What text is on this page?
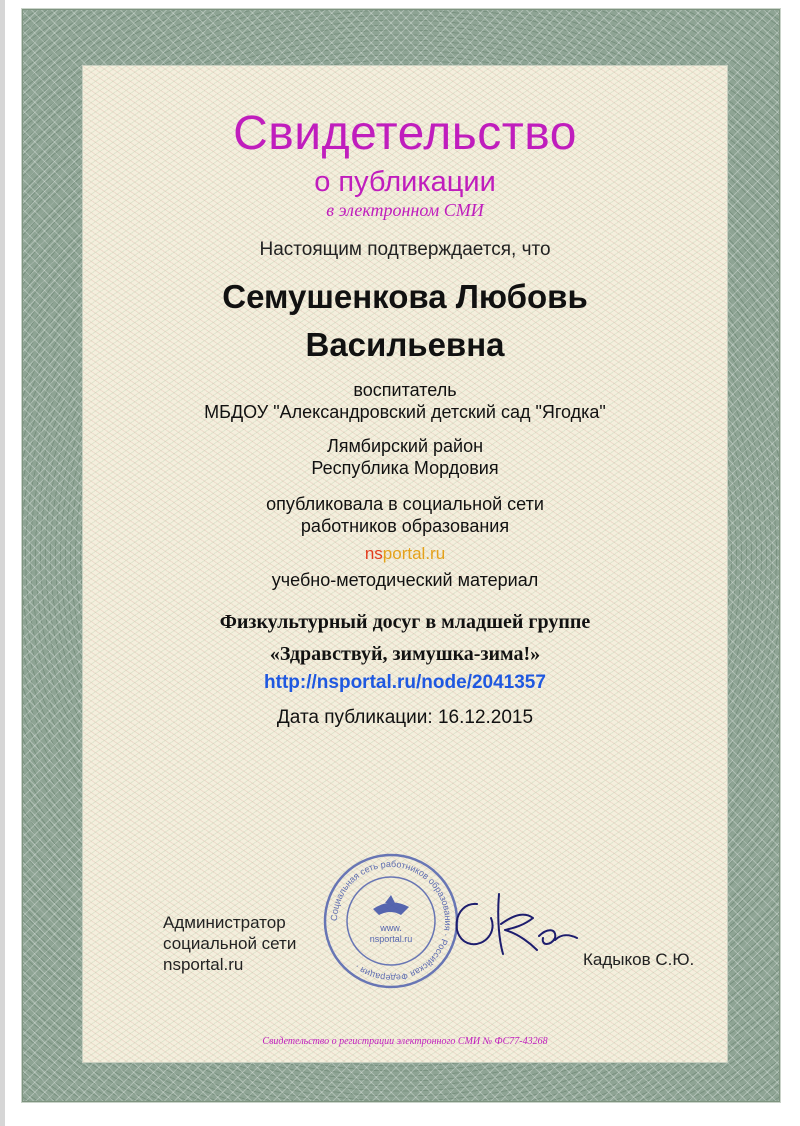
Свидетельство
о публикации
в электронном СМИ
Настоящим подтверждается, что
Семушенкова Любовь
Васильевна
воспитатель
МБДОУ "Александровский детский сад "Ягодка"
Лямбирский район
Республика Мордовия
опубликовала в социальной сети
работников образования
nsportal.ru
учебно-методический материал
Физкультурный досуг в младшей группе
«Здравствуй, зимушка-зима!»
http://nsportal.ru/node/2041357
Дата публикации: 16.12.2015
Администратор
социальной сети
nsportal.ru
Социальная сеть работников образования · Российская Федерация ·
www.
nsportal.ru
Кадыков С.Ю.
Свидетельство о регистрации электронного СМИ № ФС77-43268
